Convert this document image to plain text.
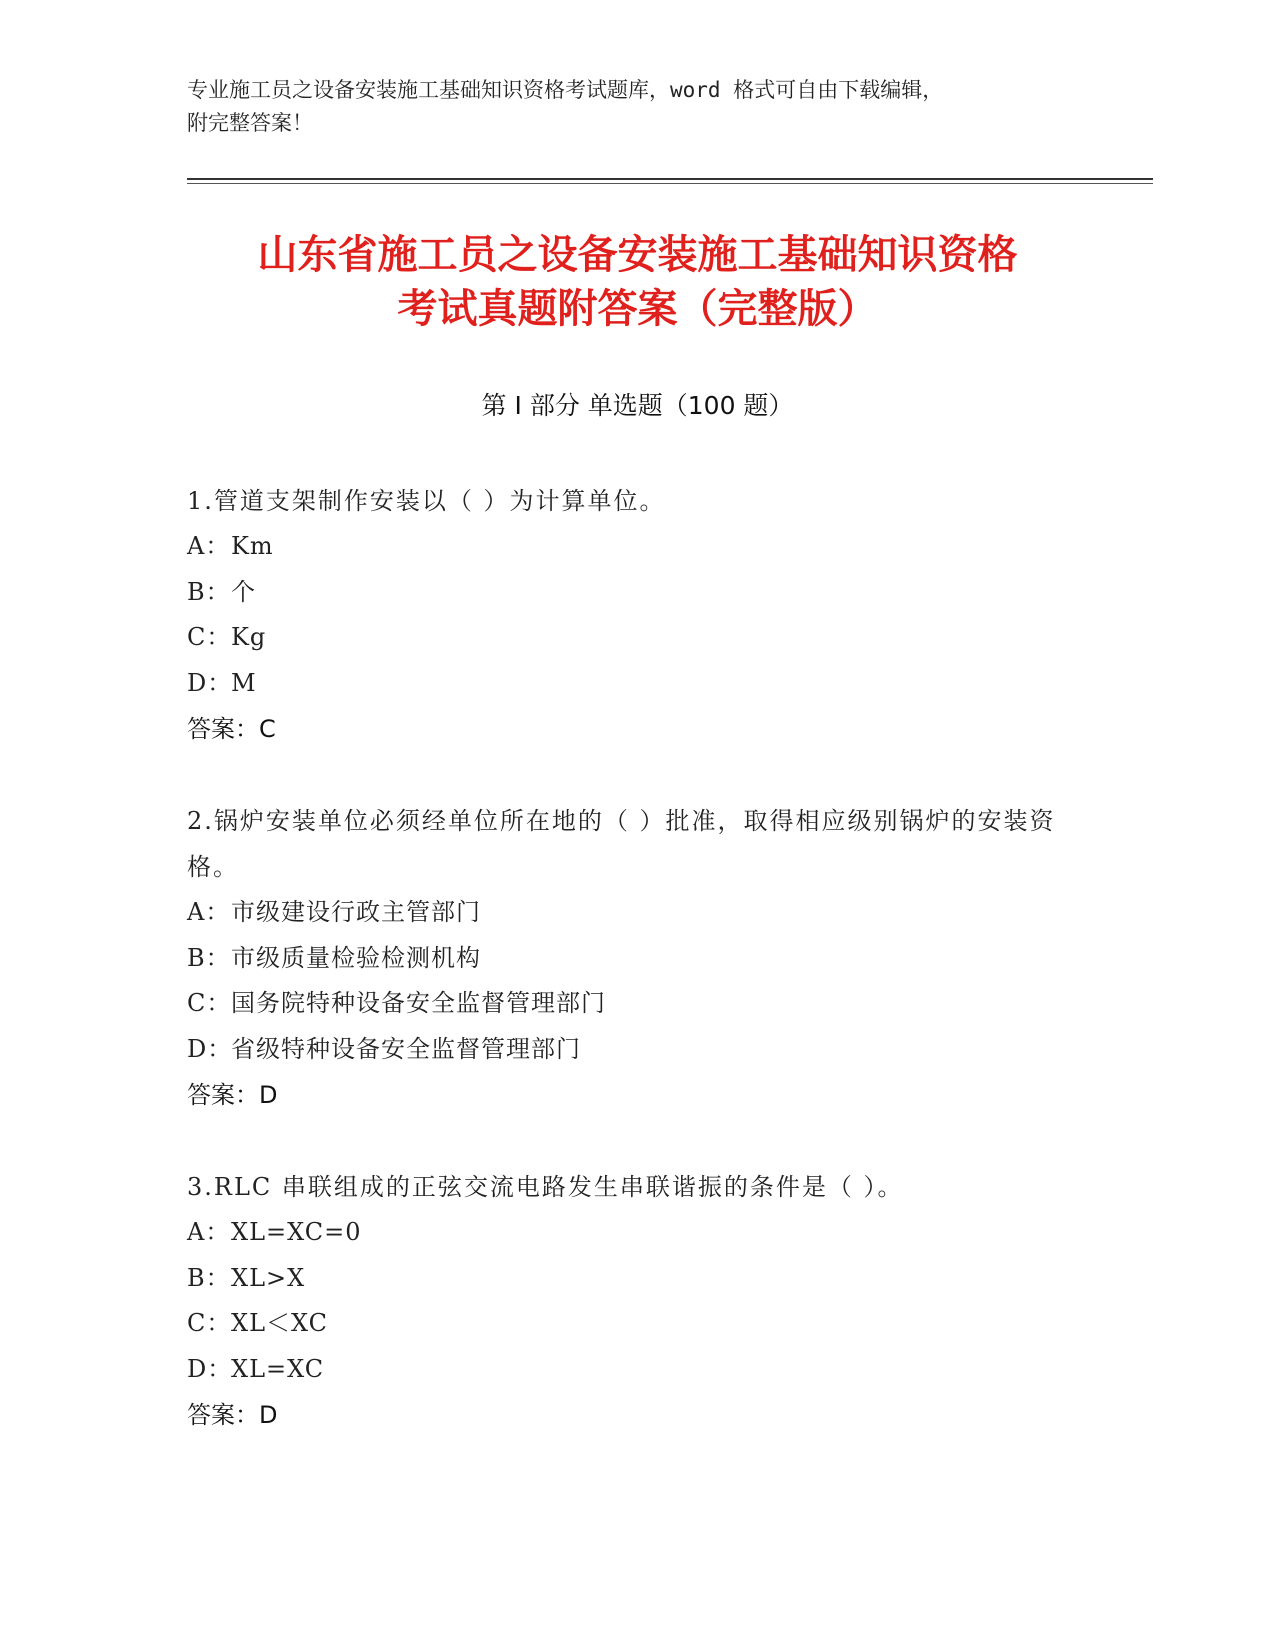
专业施工员之设备安装施工基础知识资格考试题库，word 格式可自由下载编辑，
附完整答案！
山东省施工员之设备安装施工基础知识资格
考试真题附答案（完整版）
第 I 部分 单选题（100 题）

1.管道支架制作安装以（ ）为计算单位。

A：Km

B：个

C：Kg

D：M

答案：C

2.锅炉安装单位必须经单位所在地的（ ）批准，取得相应级别锅炉的安装资格。

A：市级建设行政主管部门

B：市级质量检验检测机构

C：国务院特种设备安全监督管理部门

D：省级特种设备安全监督管理部门

答案：D

3.RLC 串联组成的正弦交流电路发生串联谐振的条件是（ ）。

A：XL=XC=0

B：XL>X

C：XL＜XC

D：XL=XC

答案：D
